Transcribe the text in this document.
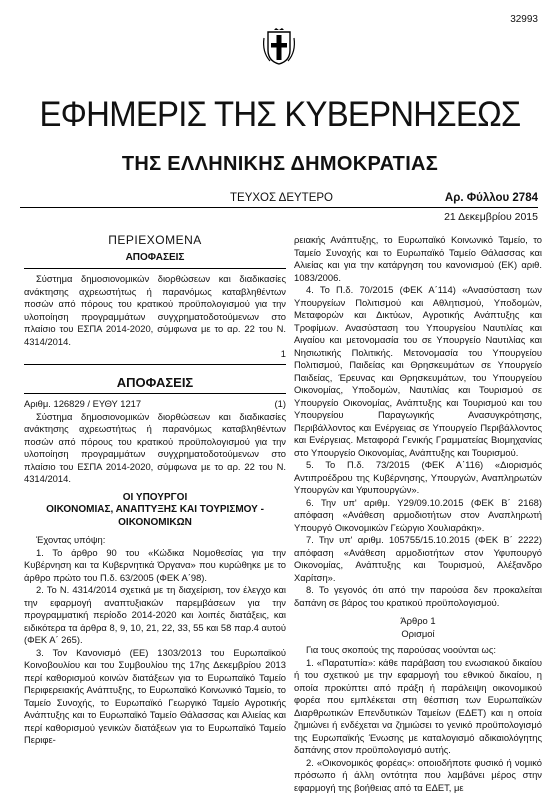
32993
ΕΦΗΜΕΡΙΣ ΤΗΣ ΚΥΒΕΡΝΗΣΕΩΣ
ΤΗΣ ΕΛΛΗΝΙΚΗΣ ΔΗΜΟΚΡΑΤΙΑΣ
ΤΕΥΧΟΣ ΔΕΥΤΕΡΟ	Αρ. Φύλλου 2784
21 Δεκεμβρίου 2015
ΠΕΡΙΕΧΟΜΕΝΑ
ΑΠΟΦΑΣΕΙΣ

Σύστημα δημοσιονομικών διορθώσεων και διαδικασίες ανάκτησης αχρεωστήτως ή παρανόμως καταβληθέντων ποσών από πόρους του κρατικού προϋπολογισμού για την υλοποίηση προγραμμάτων συγχρηματοδοτούμενων στο πλαίσιο του ΕΣΠΑ 2014-2020, σύμφωνα με το αρ. 22 του Ν. 4314/2014.

1
ΑΠΟΦΑΣΕΙΣ
Αριθμ. 126829 / ΕΥΘΥ 1217	(1)

Σύστημα δημοσιονομικών διορθώσεων και διαδικασίες ανάκτησης αχρεωστήτως ή παρανόμως καταβληθέντων ποσών από πόρους του κρατικού προϋπολογισμού για την υλοποίηση προγραμμάτων συγχρηματοδοτούμενων στο πλαίσιο του ΕΣΠΑ 2014-2020, σύμφωνα με το αρ. 22 του Ν. 4314/2014.

ΟΙ ΥΠΟΥΡΓΟΙ
ΟΙΚΟΝΟΜΙΑΣ, ΑΝΑΠΤΥΞΗΣ ΚΑΙ ΤΟΥΡΙΣΜΟΥ -
ΟΙΚΟΝΟΜΙΚΩΝ

Έχοντας υπόψη:

1. Το άρθρο 90 του «Κώδικα Νομοθεσίας για την Κυβέρνηση και τα Κυβερνητικά Όργανα» που κυρώθηκε με το άρθρο πρώτο του Π.δ. 63/2005 (ΦΕΚ Α΄98).

2. Το Ν. 4314/2014 σχετικά με τη διαχείριση, τον έλεγχο και την εφαρμογή αναπτυξιακών παρεμβάσεων για την προγραμματική περίοδο 2014-2020 και λοιπές διατάξεις, και ειδικότερα τα άρθρα 8, 9, 10, 21, 22, 33, 55 και 58 παρ.4 αυτού (ΦΕΚ Α΄ 265).

3. Τον Κανονισμό (ΕΕ) 1303/2013 του Ευρωπαϊκού Κοινοβουλίου και του Συμβουλίου της 17ης Δεκεμβρίου 2013 περί καθορισμού κοινών διατάξεων για το Ευρωπαϊκό Ταμείο Περιφερειακής Ανάπτυξης, το Ευρωπαϊκό Κοινωνικό Ταμείο, το Ταμείο Συνοχής, το Ευρωπαϊκό Γεωργικό Ταμείο Αγροτικής Ανάπτυξης και το Ευρωπαϊκό Ταμείο Θάλασσας και Αλιείας και περί καθορισμού γενικών διατάξεων για το Ευρωπαϊκό Ταμείο Περιφε-

ρειακής Ανάπτυξης, το Ευρωπαϊκό Κοινωνικό Ταμείο, το Ταμείο Συνοχής και το Ευρωπαϊκό Ταμείο Θάλασσας και Αλιείας και για την κατάργηση του κανονισμού (ΕΚ) αριθ. 1083/2006.

4. Το Π.δ. 70/2015 (ΦΕΚ Α΄114) «Ανασύσταση των Υπουργείων Πολιτισμού και Αθλητισμού, Υποδομών, Μεταφορών και Δικτύων, Αγροτικής Ανάπτυξης και Τροφίμων. Ανασύσταση του Υπουργείου Ναυτιλίας και Αιγαίου και μετονομασία του σε Υπουργείο Ναυτιλίας και Νησιωτικής Πολιτικής. Μετονομασία του Υπουργείου Πολιτισμού, Παιδείας και Θρησκευμάτων σε Υπουργείο Παιδείας, Έρευνας και Θρησκευμάτων, του Υπουργείου Οικονομίας, Υποδομών, Ναυτιλίας και Τουρισμού σε Υπουργείο Οικονομίας, Ανάπτυξης και Τουρισμού και του Υπουργείου Παραγωγικής Ανασυγκρότησης, Περιβάλλοντος και Ενέργειας σε Υπουργείο Περιβάλλοντος και Ενέργειας. Μεταφορά Γενικής Γραμματείας Βιομηχανίας στο Υπουργείο Οικονομίας, Ανάπτυξης και Τουρισμού.

5. Το Π.δ. 73/2015 (ΦΕΚ Α΄116) «Διορισμός Αντιπροέδρου της Κυβέρνησης, Υπουργών, Αναπληρωτών Υπουργών και Υφυπουργών».

6. Την υπ' αριθμ. Υ29/09.10.2015 (ΦΕΚ Β΄ 2168) απόφαση «Ανάθεση αρμοδιοτήτων στον Αναπληρωτή Υπουργό Οικονομικών Γεώργιο Χουλιαράκη».

7. Την υπ' αριθμ. 105755/15.10.2015 (ΦΕΚ Β΄ 2222) απόφαση «Ανάθεση αρμοδιοτήτων στον Υφυπουργό Οικονομίας, Ανάπτυξης και Τουρισμού, Αλέξανδρο Χαρίτση».

8. Το γεγονός ότι από την παρούσα δεν προκαλείται δαπάνη σε βάρος του κρατικού προϋπολογισμού.

Άρθρο 1
Ορισμοί

Για τους σκοπούς της παρούσας νοούνται ως:

1. «Παρατυπία»: κάθε παράβαση του ενωσιακού δικαίου ή του σχετικού με την εφαρμογή του εθνικού δικαίου, η οποία προκύπτει από πράξη ή παράλειψη οικονομικού φορέα που εμπλέκεται στη θέσπιση των Ευρωπαϊκών Διαρθρωτικών Επενδυτικών Ταμείων (ΕΔΕΤ) και η οποία ζημιώνει ή ενδέχεται να ζημιώσει το γενικό προϋπολογισμό της Ευρωπαϊκής Ένωσης με καταλογισμό αδικαιολόγητης δαπάνης στον προϋπολογισμό αυτής.

2. «Οικονομικός φορέας»: οποιοδήποτε φυσικό ή νομικό πρόσωπο ή άλλη οντότητα που λαμβάνει μέρος στην εφαρμογή της βοήθειας από τα ΕΔΕΤ, με
